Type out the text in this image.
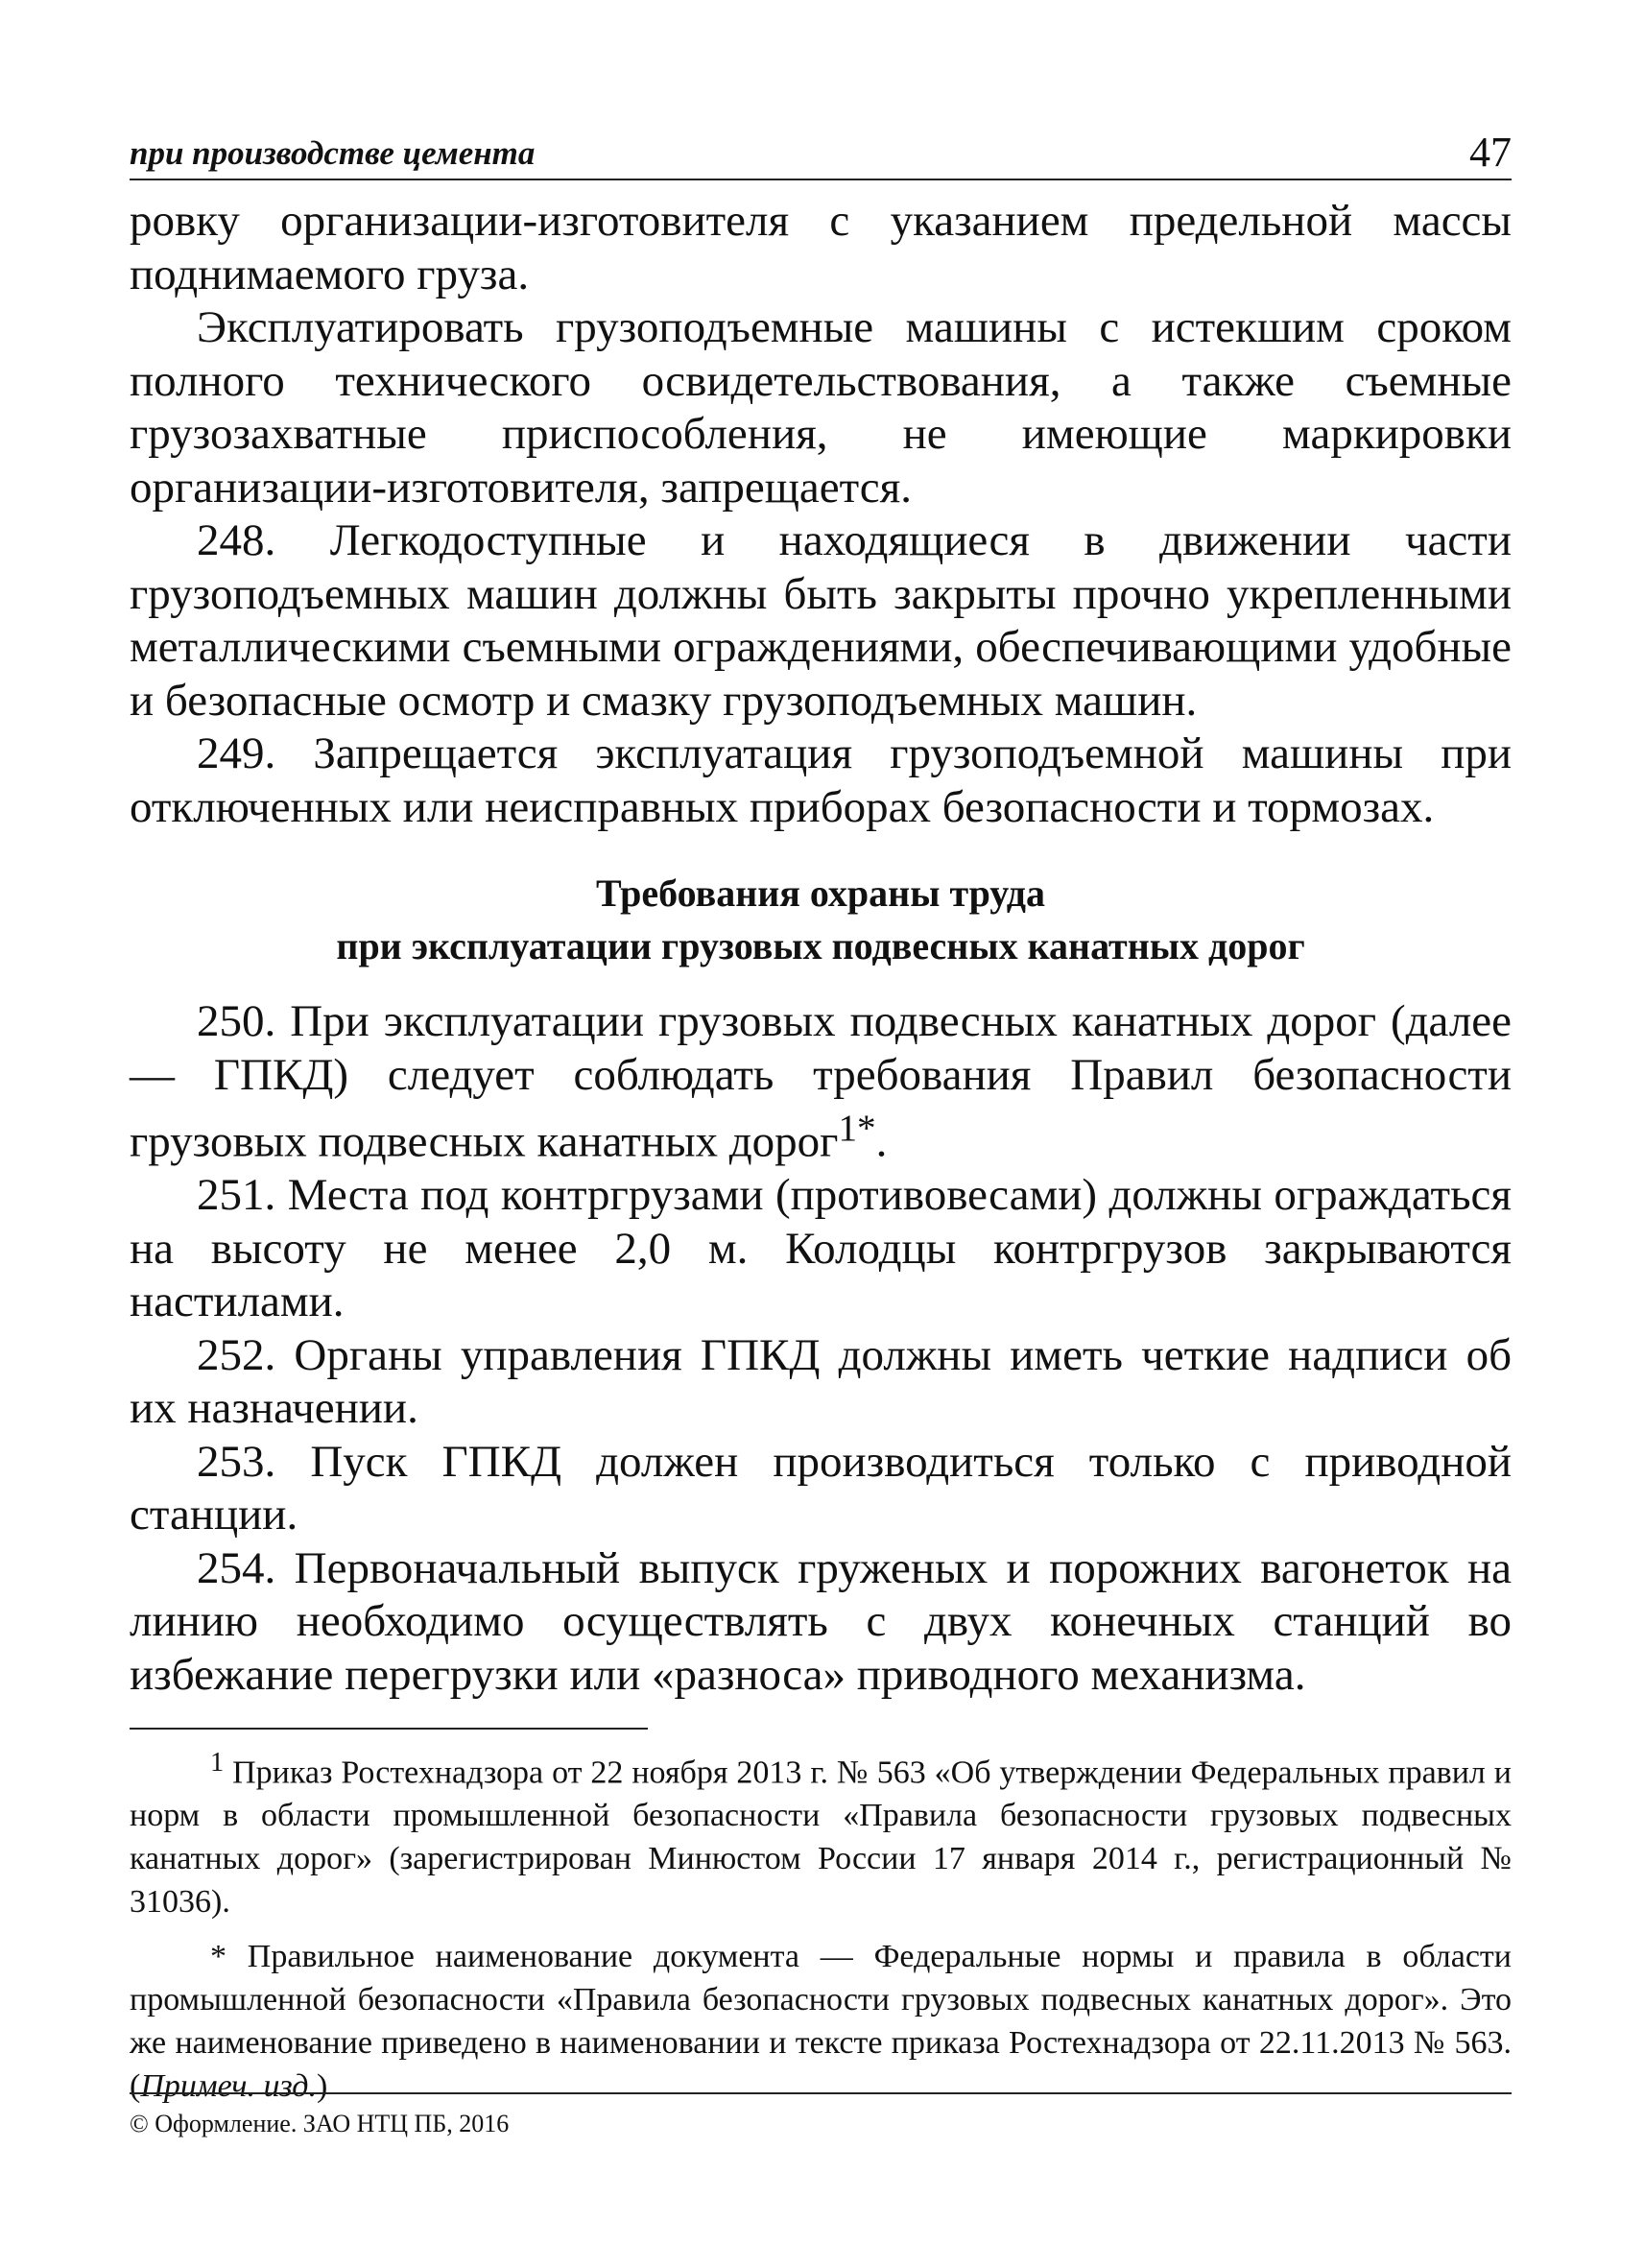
при производстве цемента	47

ровку организации-изготовителя с указанием предельной массы поднимаемого груза.

Эксплуатировать грузоподъемные машины с истекшим сроком полного технического освидетельствования, а также съемные грузозахватные приспособления, не имеющие маркировки организации-изготовителя, запрещается.

248. Легкодоступные и находящиеся в движении части грузоподъемных машин должны быть закрыты прочно укрепленными металлическими съемными ограждениями, обеспечивающими удобные и безопасные осмотр и смазку грузоподъемных машин.

249. Запрещается эксплуатация грузоподъемной машины при отключенных или неисправных приборах безопасности и тормозах.

Требования охраны труда
при эксплуатации грузовых подвесных канатных дорог

250. При эксплуатации грузовых подвесных канатных дорог (далее — ГПКД) следует соблюдать требования Правил безопасности грузовых подвесных канатных дорог$^{1*}$.

251. Места под контргрузами (противовесами) должны ограждаться на высоту не менее 2,0 м. Колодцы контргрузов закрываются настилами.

252. Органы управления ГПКД должны иметь четкие надписи об их назначении.

253. Пуск ГПКД должен производиться только с приводной станции.

254. Первоначальный выпуск груженых и порожних вагонеток на линию необходимо осуществлять с двух конечных станций во избежание перегрузки или «разноса» приводного механизма.

$^1$ Приказ Ростехнадзора от 22 ноября 2013 г. № 563 «Об утверждении Федеральных правил и норм в области промышленной безопасности «Правила безопасности грузовых подвесных канатных дорог» (зарегистрирован Минюстом России 17 января 2014 г., регистрационный № 31036).

* Правильное наименование документа — Федеральные нормы и правила в области промышленной безопасности «Правила безопасности грузовых подвесных канатных дорог». Это же наименование приведено в наименовании и тексте приказа Ростехнадзора от 22.11.2013 № 563. (Примеч. изд.)

© Оформление. ЗАО НТЦ ПБ, 2016
